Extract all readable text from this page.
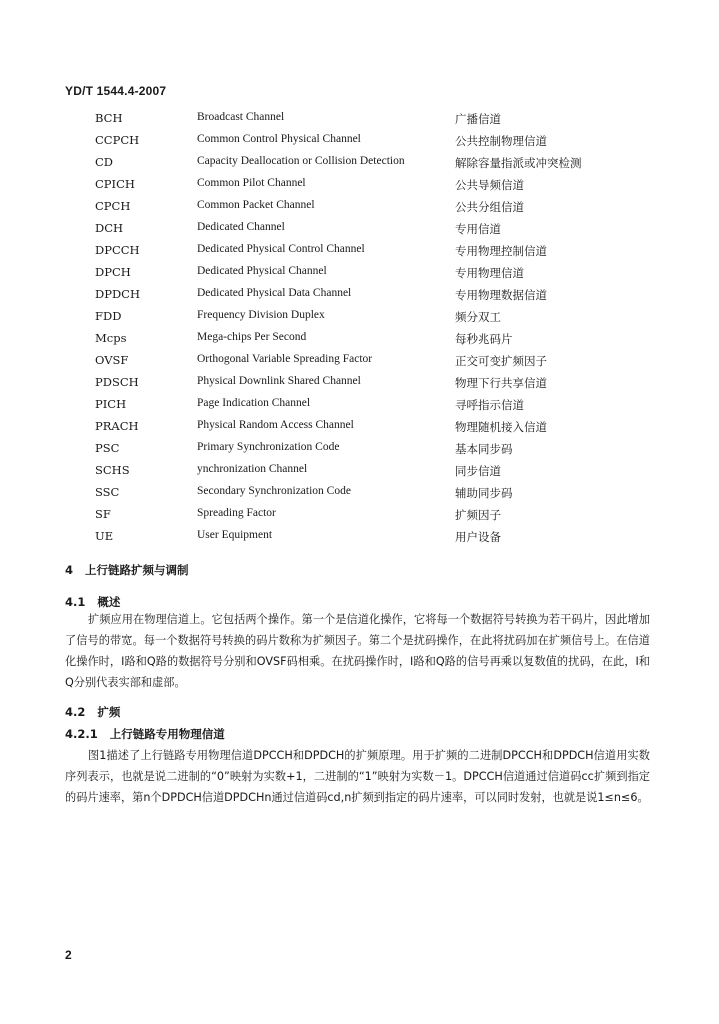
YD/T 1544.4-2007
BCH	Broadcast Channel	广播信道
CCPCH	Common Control Physical Channel	公共控制物理信道
CD	Capacity Deallocation or Collision Detection	解除容量指派或冲突检测
CPICH	Common Pilot Channel	公共导频信道
CPCH	Common Packet Channel	公共分组信道
DCH	Dedicated Channel	专用信道
DPCCH	Dedicated Physical Control Channel	专用物理控制信道
DPCH	Dedicated Physical Channel	专用物理信道
DPDCH	Dedicated Physical Data Channel	专用物理数据信道
FDD	Frequency Division Duplex	频分双工
Mcps	Mega-chips Per Second	每秒兆码片
OVSF	Orthogonal Variable Spreading Factor	正交可变扩频因子
PDSCH	Physical Downlink Shared Channel	物理下行共享信道
PICH	Page Indication Channel	寻呼指示信道
PRACH	Physical Random Access Channel	物理随机接入信道
PSC	Primary Synchronization Code	基本同步码
SCHS	ynchronization Channel	同步信道
SSC	Secondary Synchronization Code	辅助同步码
SF	Spreading Factor	扩频因子
UE	User Equipment	用户设备
4 上行链路扩频与调制
4.1 概述

扩频应用在物理信道上。它包括两个操作。第一个是信道化操作，它将每一个数据符号转换为若干码片，因此增加了信号的带宽。每一个数据符号转换的码片数称为扩频因子。第二个是扰码操作，在此将扰码加在扩频信号上。在信道化操作时，I路和Q路的数据符号分别和OVSF码相乘。在扰码操作时，I路和Q路的信号再乘以复数值的扰码，在此，I和Q分别代表实部和虚部。

4.2 扩频
4.2.1 上行链路专用物理信道

图1描述了上行链路专用物理信道DPCCH和DPDCH的扩频原理。用于扩频的二进制DPCCH和DPDCH信道用实数序列表示，也就是说二进制的“0”映射为实数+1，二进制的“1”映射为实数－1。DPCCH信道通过信道码cc扩频到指定的码片速率，第n个DPDCH信道DPDCHn通过信道码cd,n扩频到指定的码片速率，可以同时发射，也就是说1≤n≤6。

2
